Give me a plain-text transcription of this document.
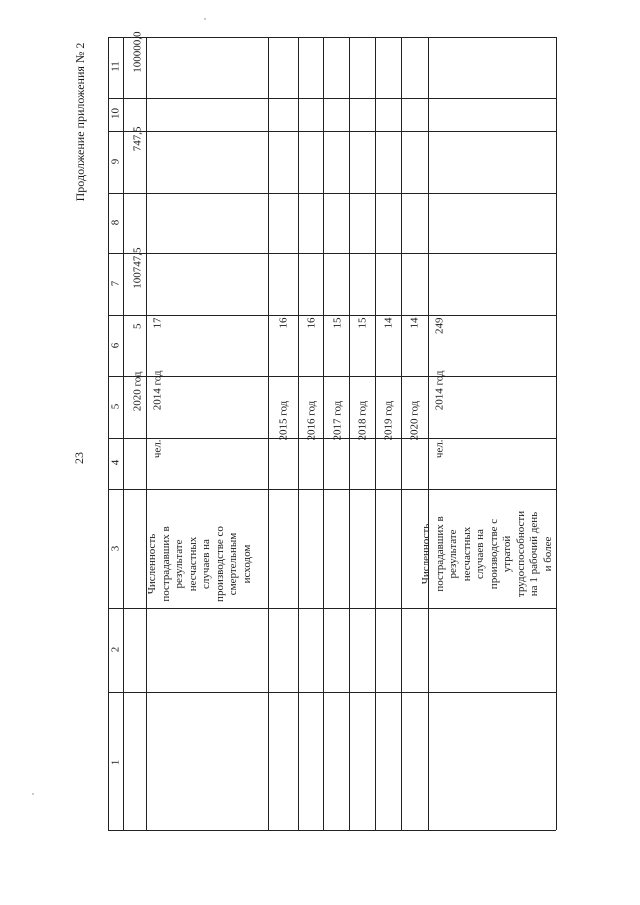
23
Продолжение приложения № 2
1
2
3
4
5
6
7
8
9
10
11
2020 год
5
100747,5
747,5
100000,0
Численность пострадавших в результате несчастных случаев на производстве со смертельным исходом
чел.
2014 год
17
2015 год
16
2016 год
16
2017 год
15
2018 год
15
2019 год
14
2020 год
14
Численность пострадавших в результате несчастных случаев на производстве с утратой трудоспособности на 1 рабочий день и более
чел.
2014 год
249
